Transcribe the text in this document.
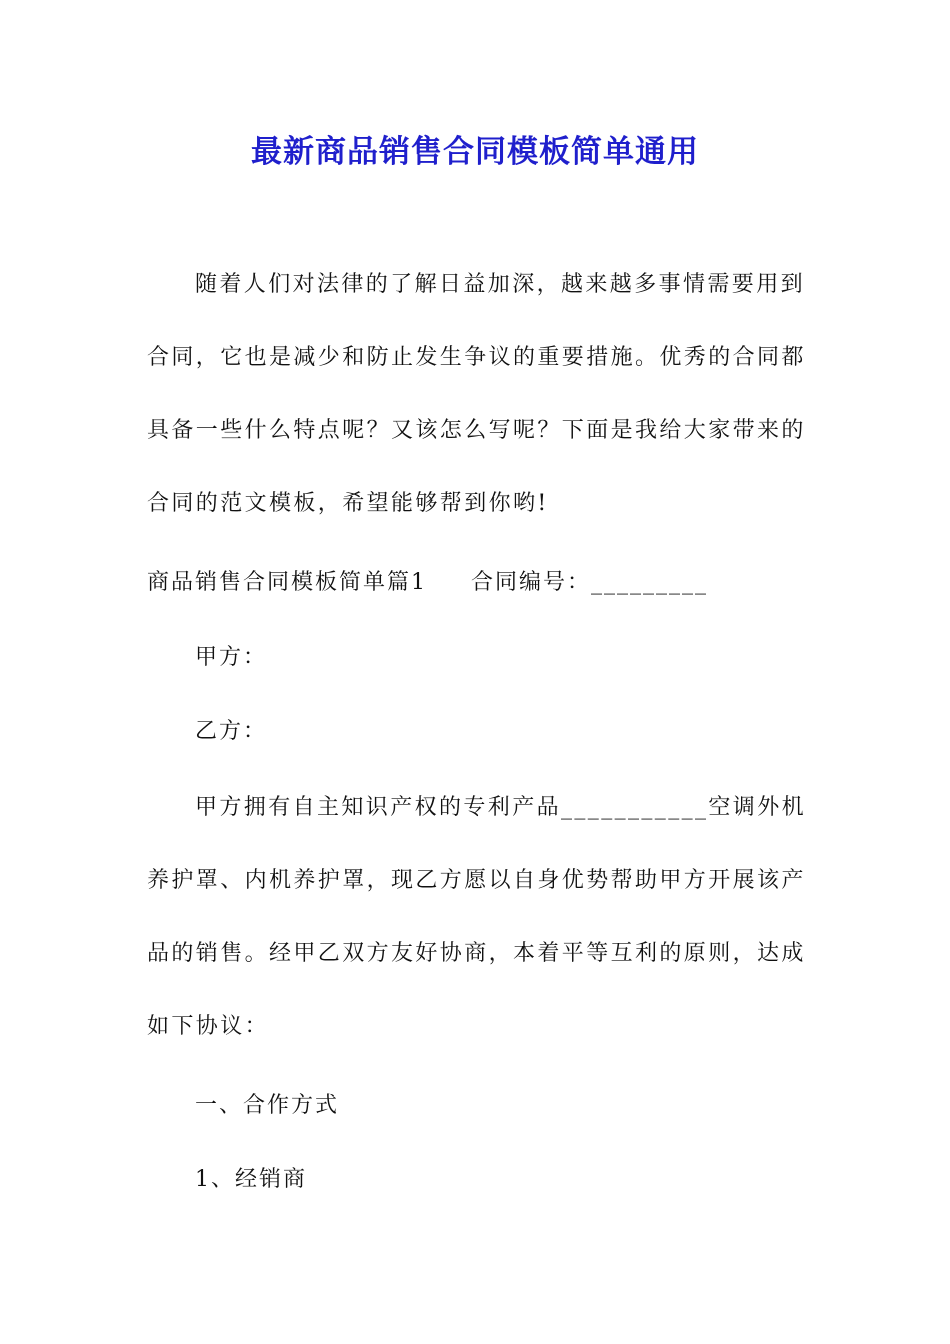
最新商品销售合同模板简单通用
随着人们对法律的了解日益加深，越来越多事情需要用到合同，它也是减少和防止发生争议的重要措施。优秀的合同都具备一些什么特点呢？又该怎么写呢？下面是我给大家带来的合同的范文模板，希望能够帮到你哟!
商品销售合同模板简单篇1 合同编号：_________
甲方：
乙方：
甲方拥有自主知识产权的专利产品___________空调外机养护罩、内机养护罩，现乙方愿以自身优势帮助甲方开展该产品的销售。经甲乙双方友好协商，本着平等互利的原则，达成如下协议：
一、合作方式
1、经销商
